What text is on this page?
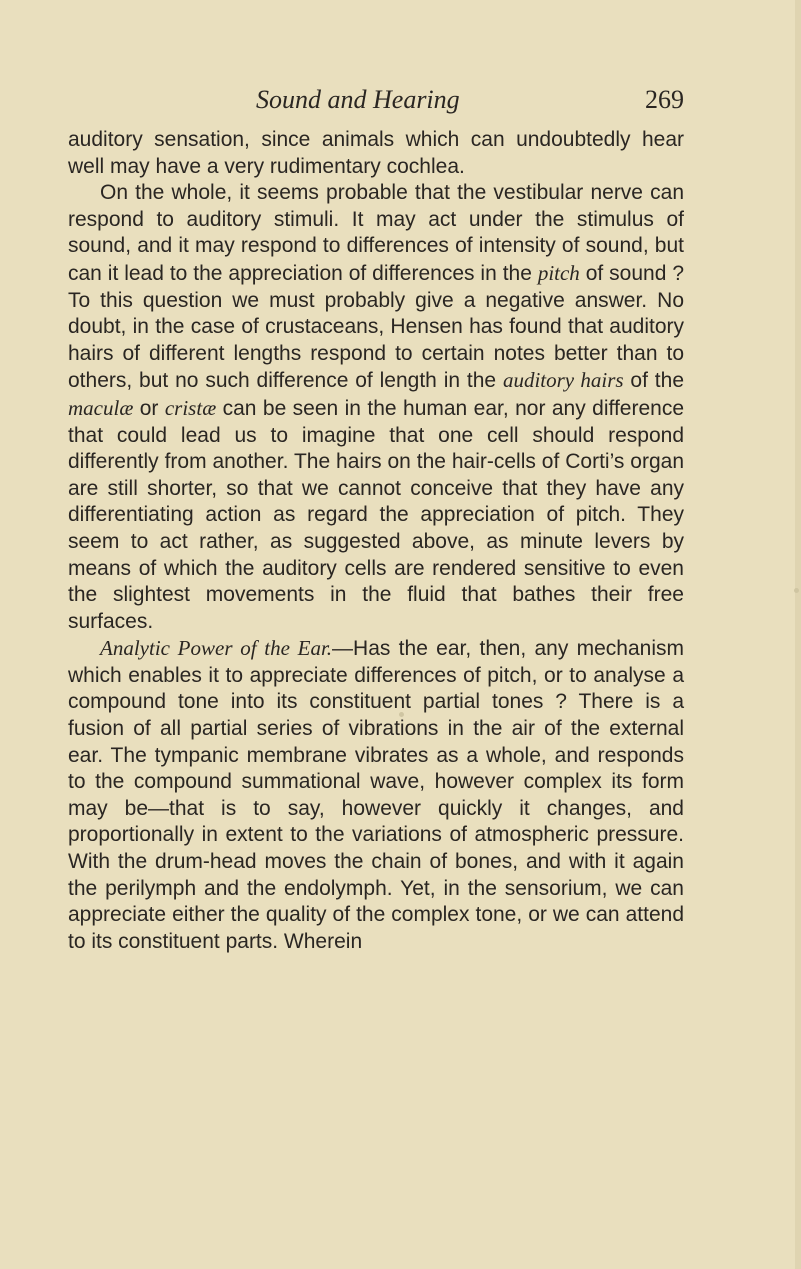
Sound and Hearing	269

auditory sensation, since animals which can undoubtedly hear well may have a very rudimentary cochlea.

On the whole, it seems probable that the vestibular nerve can respond to auditory stimuli. It may act under the stimulus of sound, and it may respond to differences of intensity of sound, but can it lead to the appreciation of differences in the pitch of sound ? To this question we must probably give a negative answer. No doubt, in the case of crustaceans, Hensen has found that auditory hairs of different lengths respond to certain notes better than to others, but no such difference of length in the auditory hairs of the maculæ or cristæ can be seen in the human ear, nor any difference that could lead us to imagine that one cell should respond differently from another. The hairs on the hair-cells of Corti’s organ are still shorter, so that we cannot conceive that they have any differentiating action as regard the appreciation of pitch. They seem to act rather, as suggested above, as minute levers by means of which the auditory cells are rendered sensitive to even the slightest movements in the fluid that bathes their free surfaces.

Analytic Power of the Ear.—Has the ear, then, any mechanism which enables it to appreciate differences of pitch, or to analyse a compound tone into its constituent partial tones ? There is a fusion of all partial series of vibrations in the air of the external ear. The tympanic membrane vibrates as a whole, and responds to the compound summational wave, however complex its form may be—that is to say, however quickly it changes, and proportionally in extent to the variations of atmospheric pressure. With the drum-head moves the chain of bones, and with it again the perilymph and the endolymph. Yet, in the sensorium, we can appreciate either the quality of the complex tone, or we can attend to its constituent parts. Wherein
